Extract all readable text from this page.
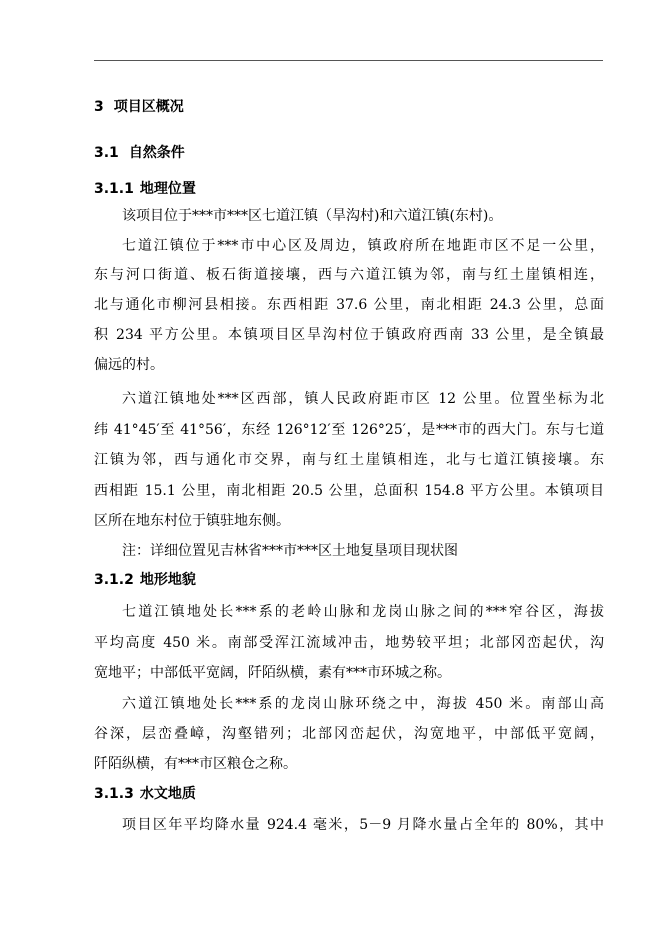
3 项目区概况
3.1 自然条件
3.1.1 地理位置
该项目位于***市***区七道江镇（旱沟村)和六道江镇(东村)。
七道江镇位于***市中心区及周边，镇政府所在地距市区不足一公里，
东与河口街道、板石街道接壤，西与六道江镇为邻，南与红土崖镇相连，
北与通化市柳河县相接。东西相距 37.6 公里，南北相距 24.3 公里，总面
积 234 平方公里。本镇项目区旱沟村位于镇政府西南 33 公里，是全镇最
偏远的村。
六道江镇地处***区西部，镇人民政府距市区 12 公里。位置坐标为北
纬 41°45′至 41°56′，东经 126°12′至 126°25′，是***市的西大门。东与七道
江镇为邻，西与通化市交界，南与红土崖镇相连，北与七道江镇接壤。东
西相距 15.1 公里，南北相距 20.5 公里，总面积 154.8 平方公里。本镇项目
区所在地东村位于镇驻地东侧。
注：详细位置见吉林省***市***区土地复垦项目现状图
3.1.2 地形地貌
七道江镇地处长***系的老岭山脉和龙岗山脉之间的***窄谷区，海拔
平均高度 450 米。南部受浑江流域冲击，地势较平坦；北部冈峦起伏，沟
宽地平；中部低平宽阔，阡陌纵横，素有***市环城之称。
六道江镇地处长***系的龙岗山脉环绕之中，海拔 450 米。南部山高
谷深，层峦叠嶂，沟壑错列；北部冈峦起伏，沟宽地平，中部低平宽阔，
阡陌纵横，有***市区粮仓之称。
3.1.3 水文地质
项目区年平均降水量 924.4 毫米，5－9 月降水量占全年的 80%，其中
